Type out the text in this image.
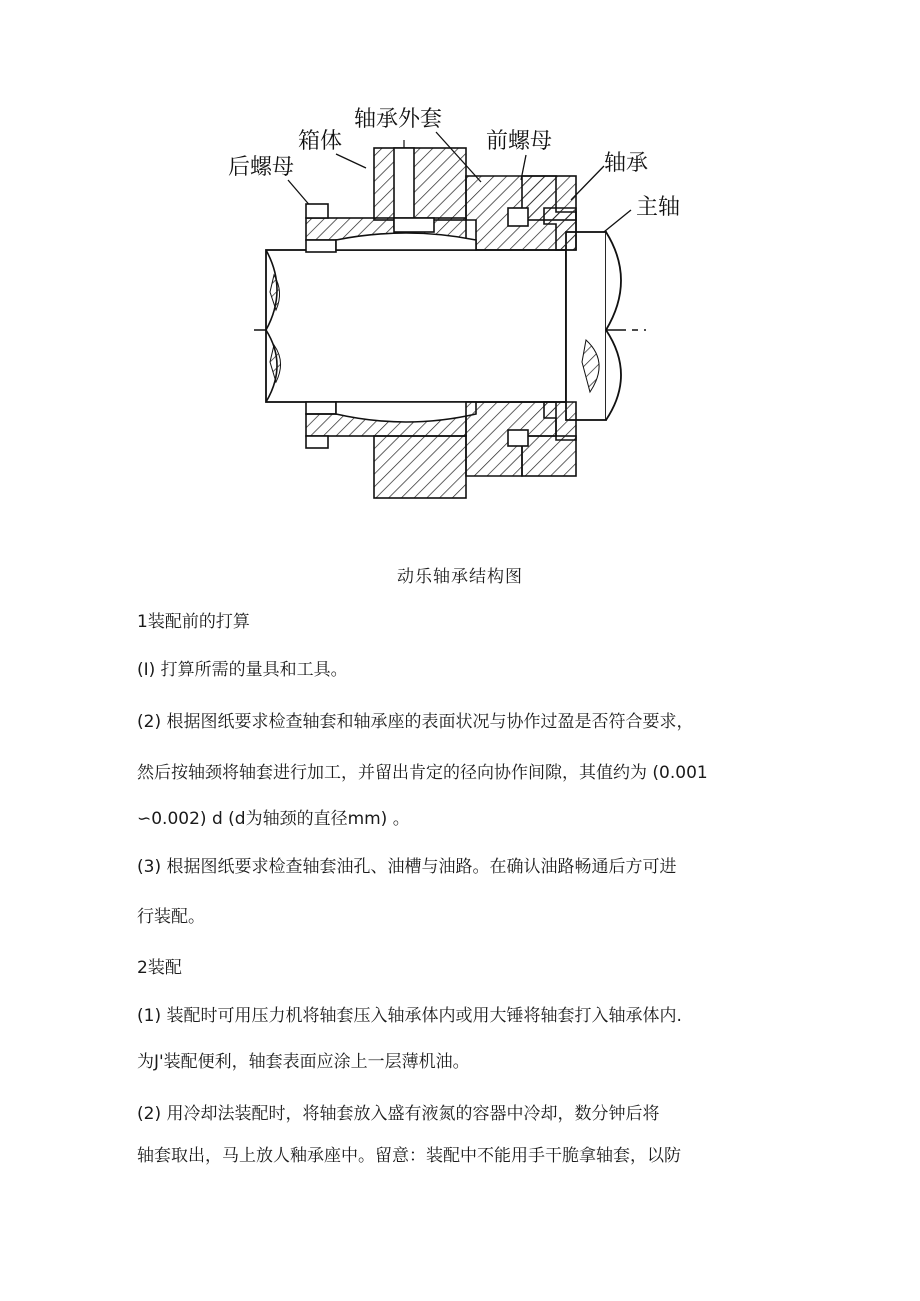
箱体
轴承外套
前螺母
后螺母	轴承
主轴
动乐轴承结构图
1装配前的打算
(I) 打算所需的量具和工具。
(2) 根据图纸要求检查轴套和轴承座的表面状况与协作过盈是否符合要求，
然后按轴颈将轴套进行加工，并留出肯定的径向协作间隙，其值约为 (0.001
∽0.002) d (d为轴颈的直径mm) 。
(3) 根据图纸要求检查轴套油孔、油槽与油路。在确认油路畅通后方可进
行装配。
2装配
(1) 装配时可用压力机将轴套压入轴承体内或用大锤将轴套打入轴承体内.
为J'装配便利，轴套表面应涂上一层薄机油。
(2) 用冷却法装配时，将轴套放入盛有液氮的容器中冷却，数分钟后将
轴套取出，马上放人釉承座中。留意：装配中不能用手干脆拿轴套，以防
